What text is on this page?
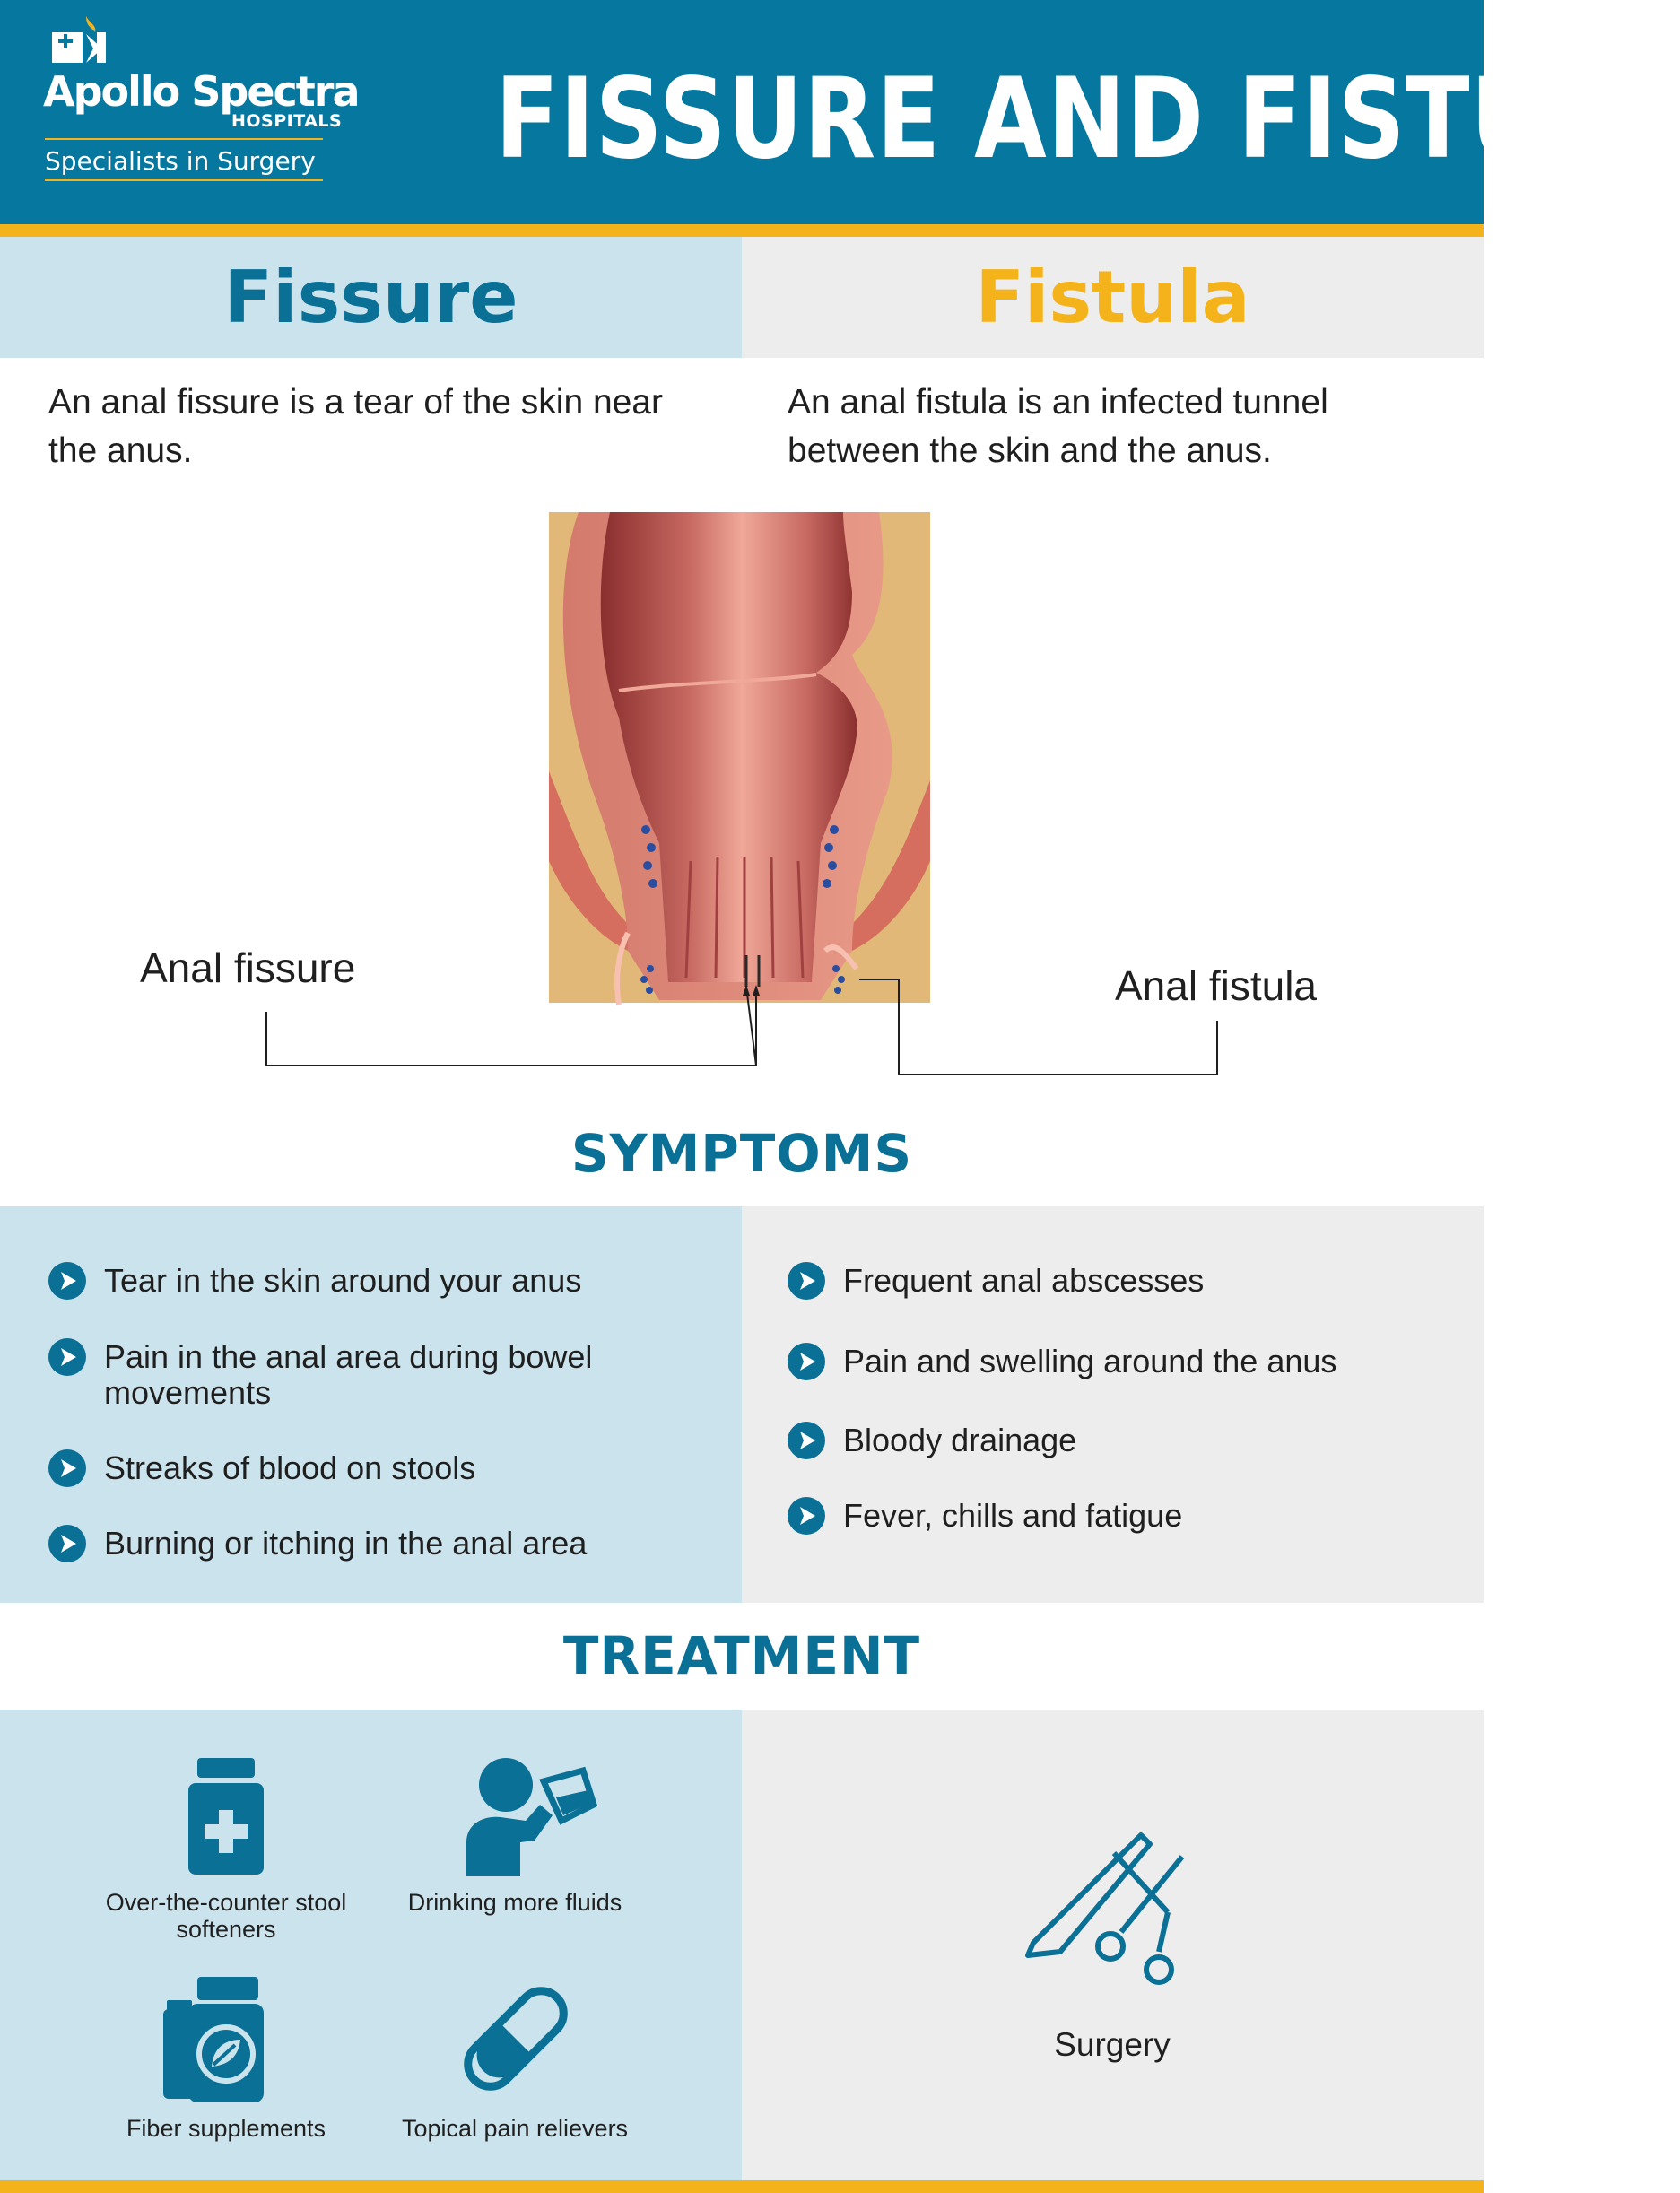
Apollo Spectra
HOSPITALS
Specialists in Surgery FISSURE AND FISTULA
Fissure	Fistula
An anal fissure is a tear of the skin near the anus.
An anal fistula is an infected tunnel between the skin and the anus.
Anal fissure	Anal fistula
SYMPTOMS
Tear in the skin around your anus
Pain in the anal area during bowel movements
Streaks of blood on stools
Burning or itching in the anal area
Frequent anal abscesses
Pain and swelling around the anus
Bloody drainage
Fever, chills and fatigue
TREATMENT
Over-the-counter stool softeners
Drinking more fluids
Fiber supplements	Topical pain relievers
Surgery
